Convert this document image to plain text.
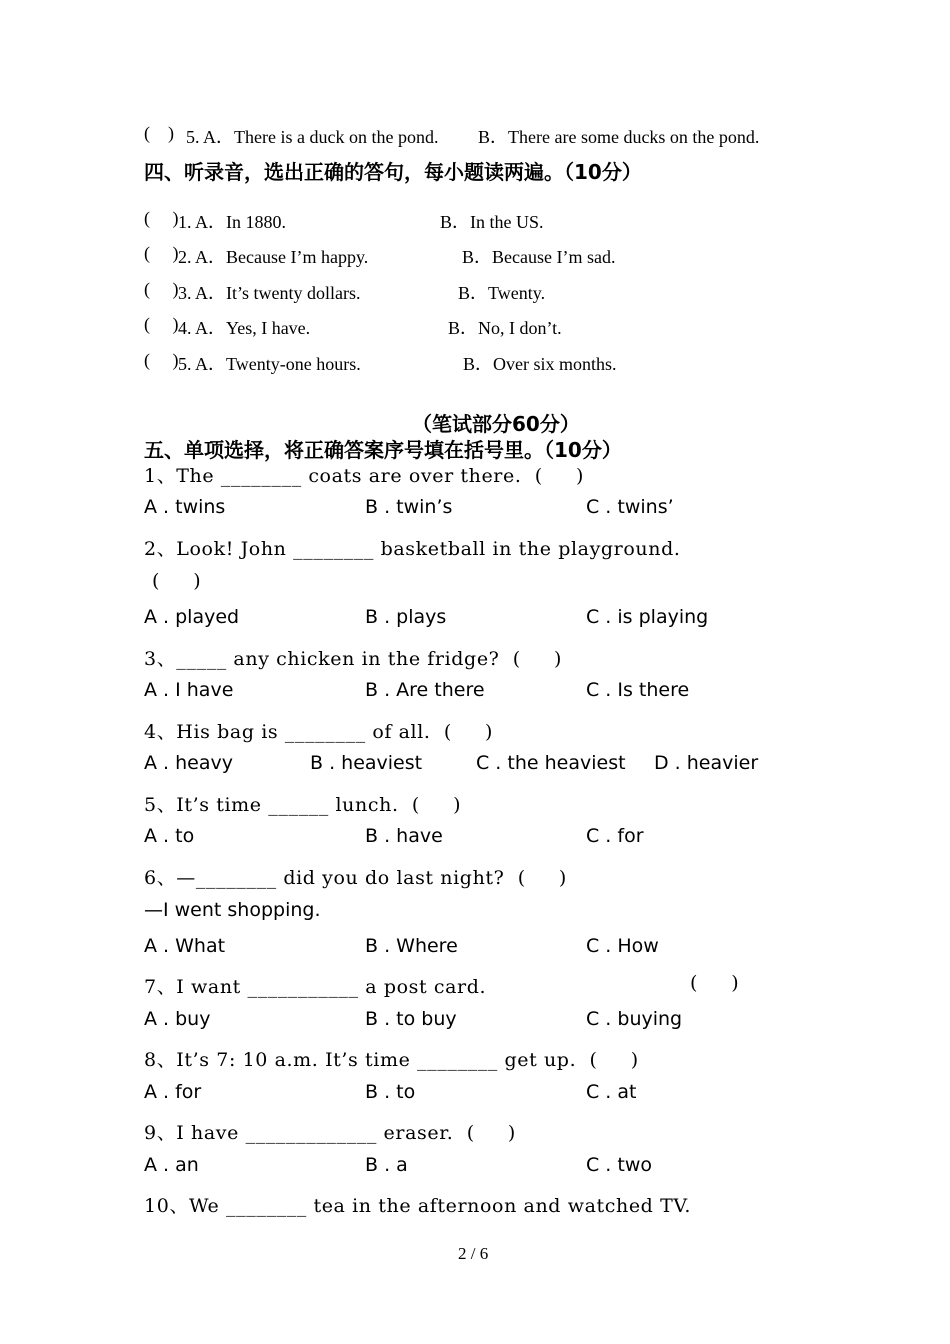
(    ) 5. A．There is a duck on the pond. B．There are some ducks on the pond.
四、听录音，选出正确的答句，每小题读两遍。（10分）
(     ) 1. A．In 1880.	B．In the US.
(     ) 2. A．Because I’m happy.	B．Because I’m sad.
(     ) 3. A．It’s twenty dollars.	B．Twenty.
(     ) 4. A．Yes, I have.	B．No, I don’t.
(     ) 5. A．Twenty-one hours.	B．Over six months.
（笔试部分60分）
五、单项选择，将正确答案序号填在括号里。（10分）
1、The ________ coats are over there.  (     )
A . twins	B . twin’s	C . twins’
2、Look! John ________ basketball in the playground.
(     )
A . played	B . plays	C . is playing
3、_____ any chicken in the fridge?  (     )
A . I have	B . Are there	C . Is there
4、His bag is ________ of all.  (     )
A . heavy	B . heaviest	C . the heaviest D . heavier
5、It’s time ______ lunch.  (     )
A . to	B . have	C . for
6、—________ did you do last night?  (     )
—I went shopping.
A . What	B . Where	C . How
7、I want ___________ a post card.	(     )
A . buy	B . to buy	C . buying
8、It’s 7: 10 a.m. It’s time ________ get up.  (     )
A . for	B . to	C . at
9、I have _____________ eraser.  (     )
A . an	B . a	C . two
10、We ________ tea in the afternoon and watched TV.
2 / 6
